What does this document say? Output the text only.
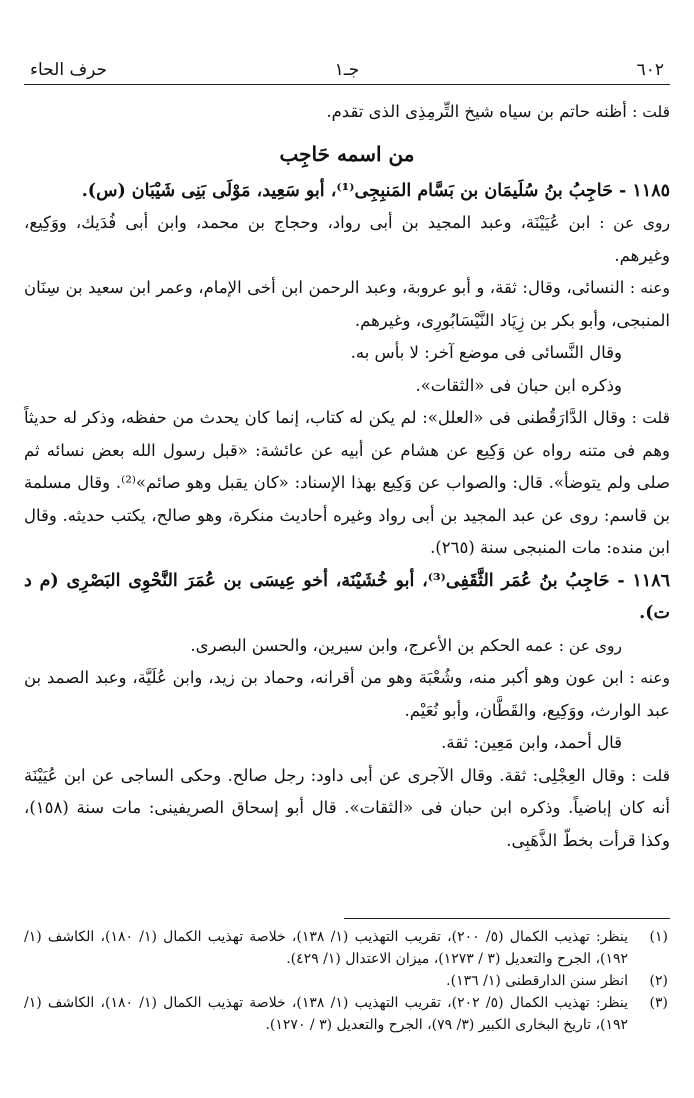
٦٠٢
جـ١
حرف الحاء

قلت : أظنه حاتم بن سياه شيخ التِّرمِذِى الذى تقدم.

من اسمه حَاجِب

١١٨٥ - حَاجِبُ بنُ سُلَيمَان بن بَسَّام المَنبِجِى⁽¹⁾، أبو سَعِيد، مَوْلَى بَنِى شَيْبَان (س).

روى عن : ابن عُيَيْنَة، وعبد المجيد بن أبى رواد، وحجاج بن محمد، وابن أبى فُدَيك، ووَكِيع، وغيرهم.

وعنه : النسائى، وقال: ثقة، و أبو عروبة، وعبد الرحمن ابن أخى الإمام، وعمر ابن سعيد بن سِنَان المنبجى، وأبو بكر بن زِيَاد النَّيْسَابُورِى، وغيرهم.

وقال النَّسائى فى موضع آخر: لا بأس به.

وذكره ابن حبان فى «الثقات».

قلت : وقال الدَّارَقُطنى فى «العلل»: لم يكن له كتاب، إنما كان يحدث من حفظه، وذكر له حديثاً وهم فى متنه رواه عن وَكِيع عن هشام عن أبيه عن عائشة: «قبل رسول الله بعض نسائه ثم صلى ولم يتوضأ». قال: والصواب عن وَكِيع بهذا الإسناد: «كان يقبل وهو صائم»⁽²⁾. وقال مسلمة بن قاسم: روى عن عبد المجيد بن أبى رواد وغيره أحاديث منكرة، وهو صالح، يكتب حديثه. وقال ابن منده: مات المنبجى سنة (٢٦٥).

١١٨٦ - حَاجِبُ بنُ عُمَر الثَّقَفِى⁽³⁾، أبو خُشَيْنَة، أخو عِيسَى بن عُمَرَ النَّحْوِى البَصْرِى (م د ت).

روى عن : عمه الحكم بن الأعرج، وابن سيرين، والحسن البصرى.

وعنه : ابن عون وهو أكبر منه، وشُعْبَة وهو من أقرانه، وحماد بن زيد، وابن عُلَيَّة، وعبد الصمد بن عبد الوارث، ووَكِيع، والقَطَّان، وأبو نُعَيْم.

قال أحمد، وابن مَعِين: ثقة.

قلت : وقال العِجْلِى: ثقة. وقال الآجرى عن أبى داود: رجل صالح. وحكى الساجى عن ابن عُيَيْنَة أنه كان إباضياً. وذكره ابن حبان فى «الثقات». قال أبو إسحاق الصريفينى: مات سنة (١٥٨)، وكذا قرأت بخطّ الذَّهَبِى.

(١)
ينظر: تهذيب الكمال (٥/ ٢٠٠)، تقريب التهذيب (١/ ١٣٨)، خلاصة تهذيب الكمال (١/ ١٨٠)، الكاشف (١/ ١٩٢)، الجرح والتعديل (٣ / ١٢٧٣)، ميزان الاعتدال (١/ ٤٢٩).

(٢)
انظر سنن الدارقطنى (١/ ١٣٦).

(٣)
ينظر: تهذيب الكمال (٥/ ٢٠٢)، تقريب التهذيب (١/ ١٣٨)، خلاصة تهذيب الكمال (١/ ١٨٠)، الكاشف (١/ ١٩٢)، تاريخ البخارى الكبير (٣/ ٧٩)، الجرح والتعديل (٣ / ١٢٧٠).
